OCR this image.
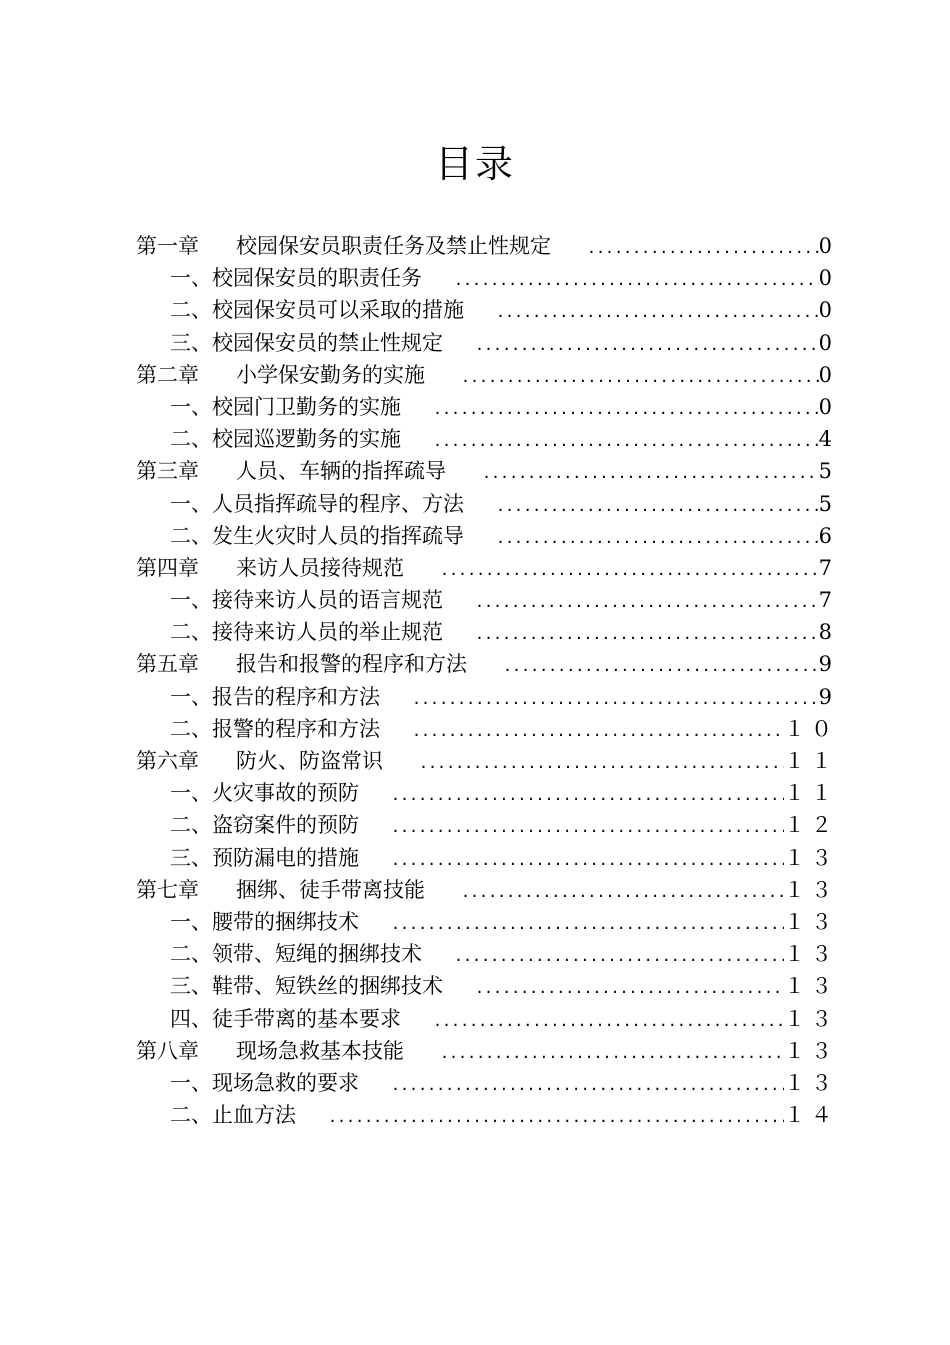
目录
第一章	校园保安员职责任务及禁止性规定 .....	0
一、 校园保安员的职责任务 .....	0
二、 校园保安员可以采取的措施 .....	0
三、 校园保安员的禁止性规定 .....	0
第二章	小学保安勤务的实施 .....	0
一、 校园门卫勤务的实施 .....	0
二、 校园巡逻勤务的实施 .....	4
第三章	人员、车辆的指挥疏导 .....	5
一、 人员指挥疏导的程序、方法 .....	5
二、 发生火灾时人员的指挥疏导 .....	6
第四章	来访人员接待规范 .....	7
一、 接待来访人员的语言规范 .....	7
二、 接待来访人员的举止规范 .....	8
第五章	报告和报警的程序和方法 .....	9
一、 报告的程序和方法 .....	9
二、 报警的程序和方法 .....	１０
第六章	防火、防盗常识 .....	１１
一、 火灾事故的预防 .....	１１
二、 盗窃案件的预防 .....	１２
三、 预防漏电的措施 .....	１３
第七章	捆绑、徒手带离技能 .....	１３
一、 腰带的捆绑技术 .....	１３
二、 领带、短绳的捆绑技术 .....	１３
三、 鞋带、短铁丝的捆绑技术 .....	１３
四、 徒手带离的基本要求 .....	１３
第八章	现场急救基本技能 .....	１３
一、 现场急救的要求 .....	１３
二、 止血方法 .....	１４
